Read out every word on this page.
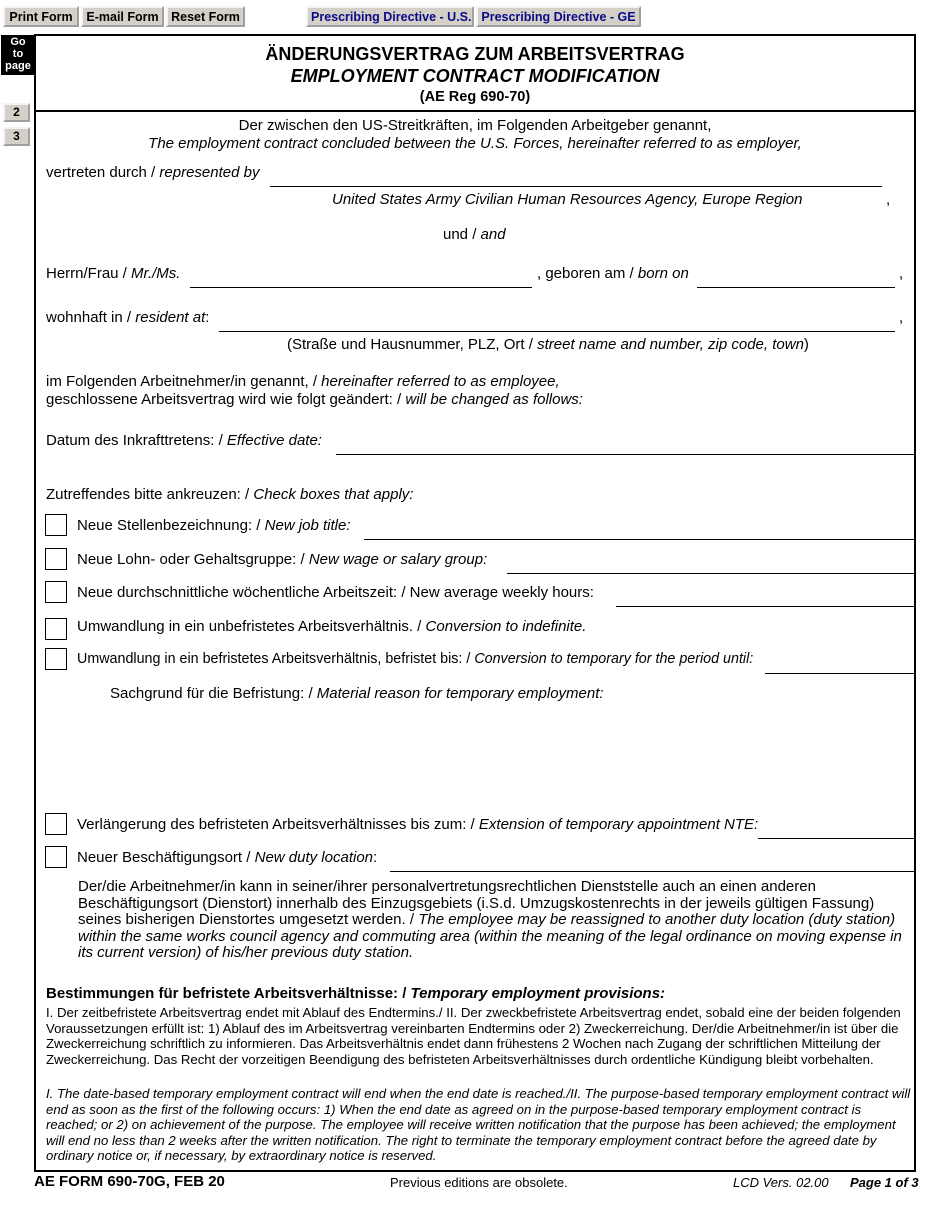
Print Form	E-mail Form Reset Form	Prescribing Directive - U.S. Prescribing Directive - GE
Go
to
page
2
3
ÄNDERUNGSVERTRAG ZUM ARBEITSVERTRAG
EMPLOYMENT CONTRACT MODIFICATION
(AE Reg 690-70)
Der zwischen den US-Streitkräften, im Folgenden Arbeitgeber genannt,
The employment contract concluded between the U.S. Forces, hereinafter referred to as employer,
vertreten durch / represented by
United States Army Civilian Human Resources Agency, Europe Region	,
und / and
Herrn/Frau / Mr./Ms.	, geboren am / born on	,
wohnhaft in / resident at:	,
(Straße und Hausnummer, PLZ, Ort / street name and number, zip code, town)
im Folgenden Arbeitnehmer/in genannt, / hereinafter referred to as employee,
geschlossene Arbeitsvertrag wird wie folgt geändert: / will be changed as follows:
Datum des Inkrafttretens: / Effective date:
Zutreffendes bitte ankreuzen: / Check boxes that apply:
Neue Stellenbezeichnung: / New job title:
Neue Lohn- oder Gehaltsgruppe: / New wage or salary group:
Neue durchschnittliche wöchentliche Arbeitszeit: / New average weekly hours:
Umwandlung in ein unbefristetes Arbeitsverhältnis. / Conversion to indefinite.
Umwandlung in ein befristetes Arbeitsverhältnis, befristet bis: / Conversion to temporary for the period until:
Sachgrund für die Befristung: / Material reason for temporary employment:
Verlängerung des befristeten Arbeitsverhältnisses bis zum: / Extension of temporary appointment NTE:
Neuer Beschäftigungsort / New duty location:
Der/die Arbeitnehmer/in kann in seiner/ihrer personalvertretungsrechtlichen Dienststelle auch an einen anderen Beschäftigungsort (Dienstort) innerhalb des Einzugsgebiets (i.S.d. Umzugskostenrechts in der jeweils gültigen Fassung) seines bisherigen Dienstortes umgesetzt werden. / The employee may be reassigned to another duty location (duty station) within the same works council agency and commuting area (within the meaning of the legal ordinance on moving expense in its current version) of his/her previous duty station.
Bestimmungen für befristete Arbeitsverhältnisse: / Temporary employment provisions:
I. Der zeitbefristete Arbeitsvertrag endet mit Ablauf des Endtermins./ II. Der zweckbefristete Arbeitsvertrag endet, sobald eine der beiden folgenden Voraussetzungen erfüllt ist: 1) Ablauf des im Arbeitsvertrag vereinbarten Endtermins oder 2) Zweckerreichung. Der/die Arbeitnehmer/in ist über die Zweckerreichung schriftlich zu informieren. Das Arbeitsverhältnis endet dann frühestens 2 Wochen nach Zugang der schriftlichen Mitteilung der Zweckerreichung. Das Recht der vorzeitigen Beendigung des befristeten Arbeitsverhältnisses durch ordentliche Kündigung bleibt vorbehalten.
I. The date-based temporary employment contract will end when the end date is reached./II. The purpose-based temporary employment contract will end as soon as the first of the following occurs: 1) When the end date as agreed on in the purpose-based temporary employment contract is reached; or 2) on achievement of the purpose. The employee will receive written notification that the purpose has been achieved; the employment will end no less than 2 weeks after the written notification. The right to terminate the temporary employment contract before the agreed date by ordinary notice or, if necessary, by extraordinary notice is reserved.
AE FORM 690-70G, FEB 20	Previous editions are obsolete.	LCD Vers. 02.00 Page 1 of 3
